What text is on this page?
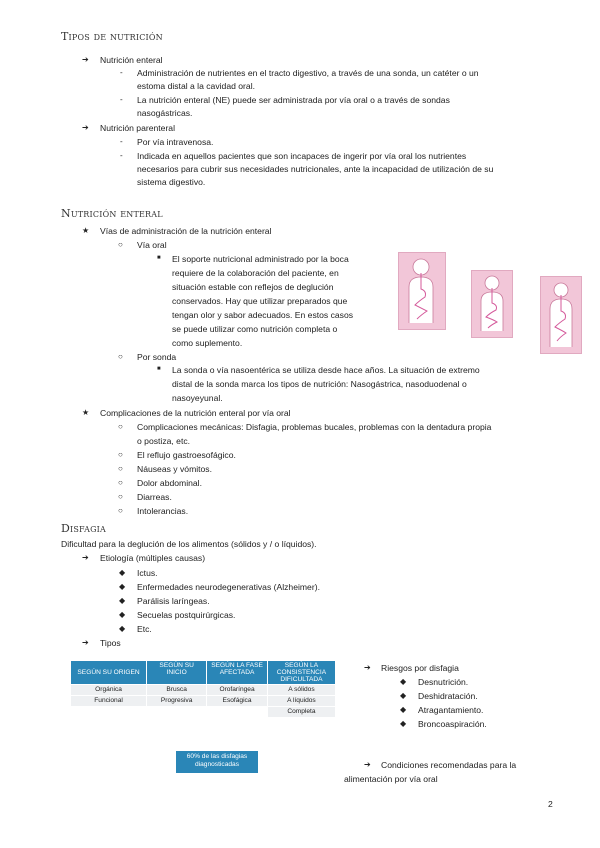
Tipos de nutrición
➔ Nutrición enteral
- Administración de nutrientes en el tracto digestivo, a través de una sonda, un catéter o un
estoma distal a la cavidad oral.
- La nutrición enteral (NE) puede ser administrada por vía oral o a través de sondas
nasogástricas.
➔ Nutrición parenteral
- Por vía intravenosa.
- Indicada en aquellos pacientes que son incapaces de ingerir por vía oral los nutrientes
necesarios para cubrir sus necesidades nutricionales, ante la incapacidad de utilización de su
sistema digestivo.
Nutrición enteral
★ Vías de administración de la nutrición enteral
○ Vía oral
■ El soporte nutricional administrado por la boca
requiere de la colaboración del paciente, en
situación estable con reflejos de deglución
conservados. Hay que utilizar preparados que
tengan olor y sabor adecuados. En estos casos
se puede utilizar como nutrición completa o
como suplemento.
○ Por sonda
■ La sonda o vía nasoentérica se utiliza desde hace años. La situación de extremo
distal de la sonda marca los tipos de nutrición: Nasogástrica, nasoduodenal o
nasoyeyunal.
★ Complicaciones de la nutrición enteral por vía oral
○ Complicaciones mecánicas: Disfagia, problemas bucales, problemas con la dentadura propia
o postiza, etc.
○ El reflujo gastroesofágico.
○ Náuseas y vómitos.
○ Dolor abdominal.
○ Diarreas.
○ Intolerancias.
Disfagia
Dificultad para la deglución de los alimentos (sólidos y / o líquidos).
➔ Etiología (múltiples causas)
◆ Ictus.
◆ Enfermedades neurodegenerativas (Alzheimer).
◆ Parálisis laríngeas.
◆ Secuelas postquirúrgicas.
◆ Etc.
➔ Tipos
SEGÚN SU ORIGEN	SEGÚN SU INICIO	SEGÚN LA FASE AFECTADA	SEGÚN LA CONSISTENCIA DIFICULTADA
Orgánica	Brusca	Orofaríngea	A sólidos
Funcional	Progresiva	Esofágica	A líquidos
			Completa
60% de las disfagias diagnosticadas
➔ Riesgos por disfagia
◆ Desnutrición.
◆ Deshidratación.
◆ Atragantamiento.
◆ Broncoaspiración.
➔ Condiciones recomendadas para la
alimentación por vía oral
2
